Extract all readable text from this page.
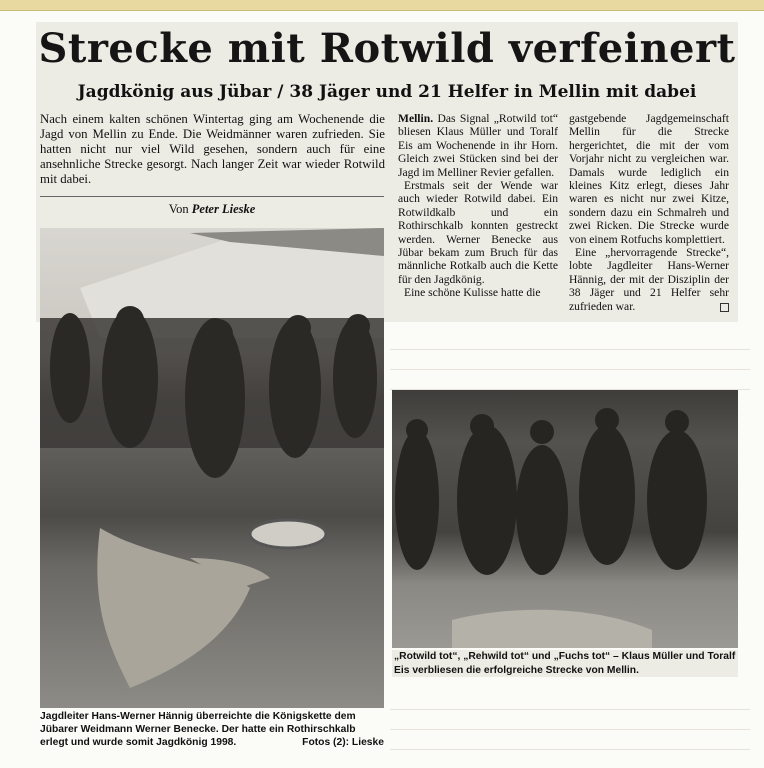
Strecke mit Rotwild verfeinert
Jagdkönig aus Jübar / 38 Jäger und 21 Helfer in Mellin mit dabei
Nach einem kalten schönen Wintertag ging am Wochenende die Jagd von Mellin zu Ende. Die Weidmänner waren zufrieden. Sie hatten nicht nur viel Wild gesehen, sondern auch für eine ansehnliche Strecke gesorgt. Nach langer Zeit war wieder Rotwild mit dabei.
Von Peter Lieske

Mellin. Das Signal „Rotwild tot“ bliesen Klaus Müller und Toralf Eis am Wochenende in ihr Horn. Gleich zwei Stücken sind bei der Jagd im Melliner Revier gefallen.

Erstmals seit der Wende war auch wieder Rotwild dabei. Ein Rotwildkalb und ein Rothirschkalb konnten gestreckt werden. Werner Benecke aus Jübar bekam zum Bruch für das männliche Rotkalb auch die Kette für den Jagdkönig.

Eine schöne Kulisse hatte die

gastgebende Jagdgemeinschaft Mellin für die Strecke hergerichtet, die mit der vom Vorjahr nicht zu vergleichen war. Damals wurde lediglich ein kleines Kitz erlegt, dieses Jahr waren es nicht nur zwei Kitze, sondern dazu ein Schmalreh und zwei Ricken. Die Strecke wurde von einem Rotfuchs komplettiert.

Eine „hervorragende Strecke“, lobte Jagdleiter Hans-Werner Hännig, der mit der Disziplin der 38 Jäger und 21 Helfer sehr zufrieden war.

Jagdleiter Hans-Werner Hännig überreichte die Königskette dem Jübarer Weidmann Werner Benecke. Der hatte ein Rothirschkalb erlegt und wurde somit Jagdkönig 1998.	Fotos (2): Lieske
„Rotwild tot“, „Rehwild tot“ und „Fuchs tot“ – Klaus Müller und Toralf Eis verbliesen die erfolgreiche Strecke von Mellin.
